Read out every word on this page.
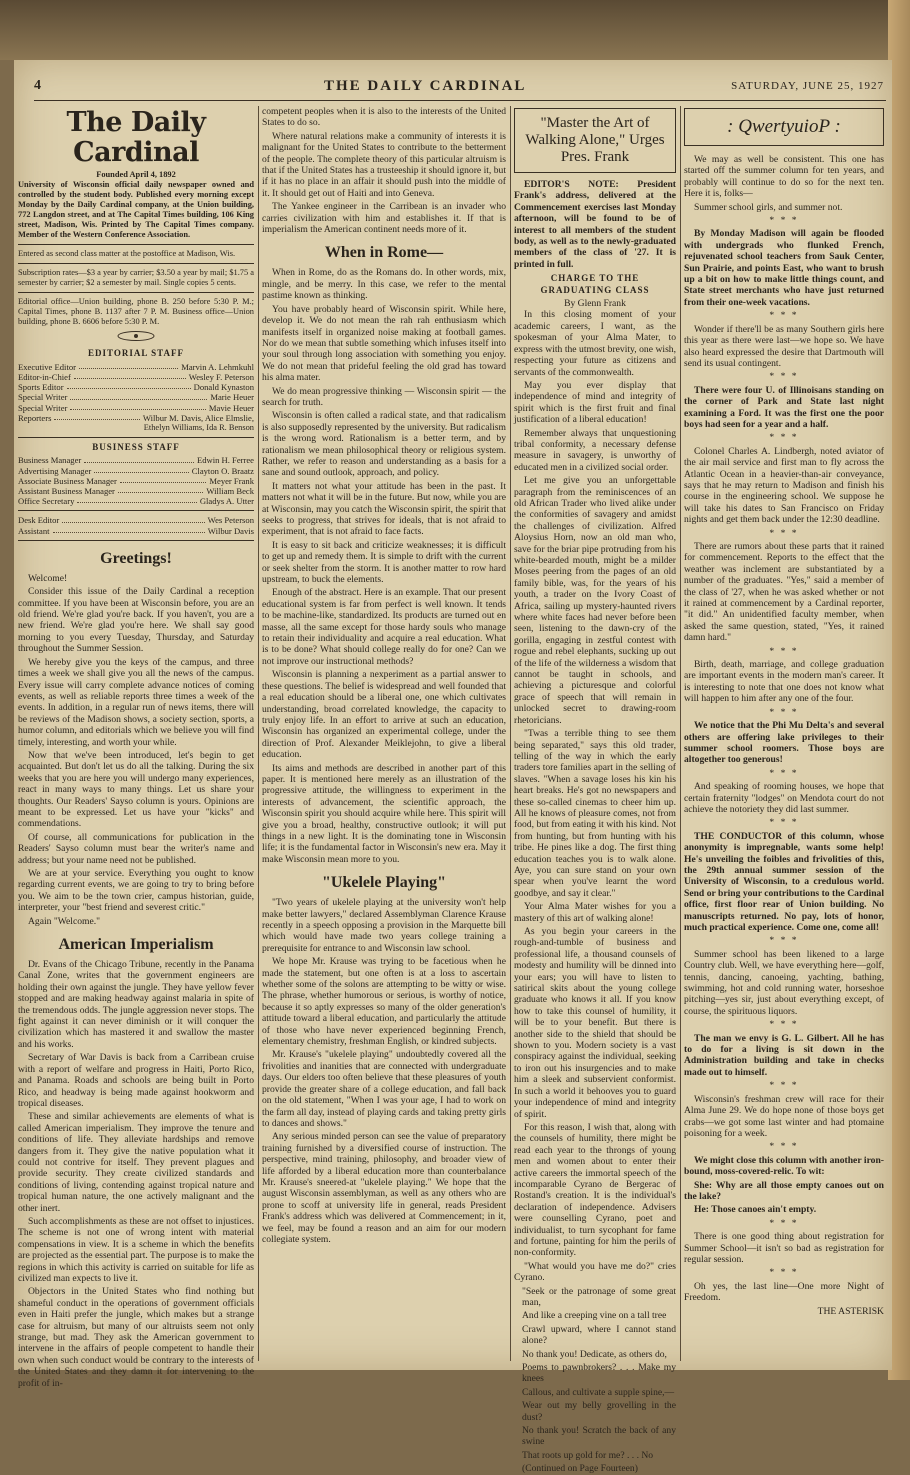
4	THE DAILY CARDINAL	SATURDAY, JUNE 25, 1927
The Daily Cardinal
Founded April 4, 1892
University of Wisconsin official daily newspaper owned and controlled by the student body. Published every morning except Monday by the Daily Cardinal company, at the Union building, 772 Langdon street, and at The Capital Times building, 106 King street, Madison, Wis. Printed by The Capital Times company. Member of the Western Conference Association.
Entered as second class matter at the postoffice at Madison, Wis.
Subscription rates—$3 a year by carrier; $3.50 a year by mail; $1.75 a semester by carrier; $2 a semester by mail. Single copies 5 cents.
Editorial office—Union building, phone B. 250 before 5:30 P. M.; Capital Times, phone B. 1137 after 7 P. M. Business office—Union building, phone B. 6606 before 5:30 P. M.
EDITORIAL STAFF
Executive Editor	Marvin A. Lehmkuhl
Editor-in-Chief	Wesley F. Peterson
Sports Editor	Donald Kynaston
Special Writer	Marie Heuer
Special Writer	Mavie Heuer
Reporters	Wilbur M. Davis, Alice Elmslie,
Ethelyn Williams, Ida R. Benson
BUSINESS STAFF
Business Manager	Edwin H. Ferree
Advertising Manager	Clayton O. Braatz
Associate Business Manager	Meyer Frank
Assistant Business Manager	William Beck
Office Secretary	Gladys A. Utter
Desk Editor	Wes Peterson
Assistant	Wilbur Davis
Greetings!

Welcome!

Consider this issue of the Daily Cardinal a reception committee. If you have been at Wisconsin before, you are an old friend. We're glad you're back. If you haven't, you are a new friend. We're glad you're here. We shall say good morning to you every Tuesday, Thursday, and Saturday throughout the Summer Session.

We hereby give you the keys of the campus, and three times a week we shall give you all the news of the campus. Every issue will carry complete advance notices of coming events, as well as reliable reports three times a week of the events. In addition, in a regular run of news items, there will be reviews of the Madison shows, a society section, sports, a humor column, and editorials which we believe you will find timely, interesting, and worth your while.

Now that we've been introduced, let's begin to get acquainted. But don't let us do all the talking. During the six weeks that you are here you will undergo many experiences, react in many ways to many things. Let us share your thoughts. Our Readers' Sayso column is yours. Opinions are meant to be expressed. Let us have your "kicks" and commendations.

Of course, all communications for publication in the Readers' Sayso column must bear the writer's name and address; but your name need not be published.

We are at your service. Everything you ought to know regarding current events, we are going to try to bring before you. We aim to be the town crier, campus historian, guide, interpreter, your "best friend and severest critic."

Again "Welcome."

American Imperialism

Dr. Evans of the Chicago Tribune, recently in the Panama Canal Zone, writes that the government engineers are holding their own against the jungle. They have yellow fever stopped and are making headway against malaria in spite of the tremendous odds. The jungle aggression never stops. The fight against it can never diminish or it will conquer the civilization which has mastered it and swallow the master and his works.

Secretary of War Davis is back from a Carribean cruise with a report of welfare and progress in Haiti, Porto Rico, and Panama. Roads and schools are being built in Porto Rico, and headway is being made against hookworm and tropical diseases.

These and similar achievements are elements of what is called American imperialism. They improve the tenure and conditions of life. They alleviate hardships and remove dangers from it. They give the native population what it could not contrive for itself. They prevent plagues and provide security. They create civilized standards and conditions of living, contending against tropical nature and tropical human nature, the one actively malignant and the other inert.

Such accomplishments as these are not offset to injustices. The scheme is not one of wrong intent with material compensations in view. It is a scheme in which the benefits are projected as the essential part. The purpose is to make the regions in which this activity is carried on suitable for life as civilized man expects to live it.

Objectors in the United States who find nothing but shameful conduct in the operations of government officials even in Haiti prefer the jungle, which makes but a strange case for altruism, but many of our altruists seem not only strange, but mad. They ask the American government to intervene in the affairs of people competent to handle their own when such conduct would be contrary to the interests of the United States and they damn it for intervening to the profit of in-

competent peoples when it is also to the interests of the United States to do so.

Where natural relations make a community of interests it is malignant for the United States to contribute to the betterment of the people. The complete theory of this particular altruism is that if the United States has a trusteeship it should ignore it, but if it has no place in an affair it should push into the middle of it. It should get out of Haiti and into Geneva.

The Yankee engineer in the Carribean is an invader who carries civilization with him and establishes it. If that is imperialism the American continent needs more of it.

When in Rome—

When in Rome, do as the Romans do. In other words, mix, mingle, and be merry. In this case, we refer to the mental pastime known as thinking.

You have probably heard of Wisconsin spirit. While here, develop it. We do not mean the rah rah enthusiasm which manifests itself in organized noise making at football games. Nor do we mean that subtle something which infuses itself into your soul through long association with something you enjoy. We do not mean that prideful feeling the old grad has toward his alma mater.

We do mean progressive thinking — Wisconsin spirit — the search for truth.

Wisconsin is often called a radical state, and that radicalism is also supposedly represented by the university. But radicalism is the wrong word. Rationalism is a better term, and by rationalism we mean philosophical theory or religious system. Rather, we refer to reason and understanding as a basis for a sane and sound outlook, approach, and policy.

It matters not what your attitude has been in the past. It matters not what it will be in the future. But now, while you are at Wisconsin, may you catch the Wisconsin spirit, the spirit that seeks to progress, that strives for ideals, that is not afraid to experiment, that is not afraid to face facts.

It is easy to sit back and criticize weaknesses; it is difficult to get up and remedy them. It is simple to drift with the current or seek shelter from the storm. It is another matter to row hard upstream, to buck the elements.

Enough of the abstract. Here is an example. That our present educational system is far from perfect is well known. It tends to be machine-like, standardized. Its products are turned out en masse, all the same except for those hardy souls who manage to retain their individuality and acquire a real education. What is to be done? What should college really do for one? Can we not improve our instructional methods?

Wisconsin is planning a nexperiment as a partial answer to these questions. The belief is widespread and well founded that a real education should be a liberal one, one which cultivates understanding, broad correlated knowledge, the capacity to truly enjoy life. In an effort to arrive at such an education, Wisconsin has organized an experimental college, under the direction of Prof. Alexander Meiklejohn, to give a liberal education.

Its aims and methods are described in another part of this paper. It is mentioned here merely as an illustration of the progressive attitude, the willingness to experiment in the interests of advancement, the scientific approach, the Wisconsin spirit you should acquire while here. This spirit will give you a broad, healthy, constructive outlook; it will put things in a new light. It is the dominating tone in Wisconsin life; it is the fundamental factor in Wisconsin's new era. May it make Wisconsin mean more to you.

"Ukelele Playing"

"Two years of ukelele playing at the university won't help make better lawyers," declared Assemblyman Clarence Krause recently in a speech opposing a provision in the Marquette bill which would have made two years college training a prerequisite for entrance to and Wisconsin law school.

We hope Mr. Krause was trying to be facetious when he made the statement, but one often is at a loss to ascertain whether some of the solons are attempting to be witty or wise. The phrase, whether humorous or serious, is worthy of notice, because it so aptly expresses so many of the older generation's attitude toward a liberal education, and particularly the attitude of those who have never experienced beginning French, elementary chemistry, freshman English, or kindred subjects.

Mr. Krause's "ukelele playing" undoubtedly covered all the frivolities and inanities that are connected with undergraduate days. Our elders too often believe that these pleasures of youth provide the greater share of a college education, and fall back on the old statement, "When I was your age, I had to work on the farm all day, instead of playing cards and taking pretty girls to dances and shows."

Any serious minded person can see the value of preparatory training furnished by a diversified course of instruction. The perspective, mind training, philosophy, and broader view of life afforded by a liberal education more than counterbalance Mr. Krause's sneered-at "ukelele playing." We hope that the august Wisconsin assemblyman, as well as any others who are prone to scoff at university life in general, reads President Frank's address which was delivered at Commencement; in it, we feel, may be found a reason and an aim for our modern collegiate system.

"Master the Art of Walking Alone," Urges Pres. Frank

EDITOR'S NOTE: President Frank's address, delivered at the Commencement exercises last Monday afternoon, will be found to be of interest to all members of the student body, as well as to the newly-graduated members of the class of '27. It is printed in full.

CHARGE TO THE GRADUATING CLASS
By Glenn Frank

In this closing moment of your academic careers, I want, as the spokesman of your Alma Mater, to express with the utmost brevity, one wish, respecting your future as citizens and servants of the commonwealth.

May you ever display that independence of mind and integrity of spirit which is the first fruit and final justification of a liberal education!

Remember always that unquestioning tribal conformity, a necessary defense measure in savagery, is unworthy of educated men in a civilized social order.

Let me give you an unforgettable paragraph from the reminiscences of an old African Trader who lived alike under the conformities of savagery and amidst the challenges of civilization. Alfred Aloysius Horn, now an old man who, save for the briar pipe protruding from his white-bearded mouth, might be a milder Moses peering from the pages of an old family bible, was, for the years of his youth, a trader on the Ivory Coast of Africa, sailing up mystery-haunted rivers where white faces had never before been seen, listening to the dawn-cry of the gorilla, engaging in zestful contest with rogue and rebel elephants, sucking up out of the life of the wilderness a wisdom that cannot be taught in schools, and achieving a picturesque and colorful grace of speech that will remain in unlocked secret to drawing-room rhetoricians.

"Twas a terrible thing to see them being separated," says this old trader, telling of the way in which the early traders tore families apart in the selling of slaves. "When a savage loses his kin his heart breaks. He's got no newspapers and these so-called cinemas to cheer him up. All he knows of pleasure comes, not from food, but from eating it with his kind. Not from hunting, but from hunting with his tribe. He pines like a dog. The first thing education teaches you is to walk alone. Aye, you can sure stand on your own spear when you've learnt the word goodbye, and say it clear."

Your Alma Mater wishes for you a mastery of this art of walking alone!

As you begin your careers in the rough-and-tumble of business and professional life, a thousand counsels of modesty and humility will be dinned into your ears; you will have to listen to satirical skits about the young college graduate who knows it all. If you know how to take this counsel of humility, it will be to your benefit. But there is another side to the shield that should be shown to you. Modern society is a vast conspiracy against the individual, seeking to iron out his insurgencies and to make him a sleek and subservient conformist. In such a world it behooves you to guard your independence of mind and integrity of spirit.

For this reason, I wish that, along with the counsels of humility, there might be read each year to the throngs of young men and women about to enter their active careers the immortal speech of the incomparable Cyrano de Bergerac of Rostand's creation. It is the individual's declaration of independence. Advisers were counselling Cyrano, poet and individualist, to turn sycophant for fame and fortune, painting for him the perils of non-conformity.

"What would you have me do?" cries Cyrano.

"Seek or the patronage of some great man,

And like a creeping vine on a tall tree

Crawl upward, where I cannot stand alone?

No thank you! Dedicate, as others do,

Poems to pawnbrokers? . . . Make my knees

Callous, and cultivate a supple spine,—

Wear out my belly grovelling in the dust?

No thank you! Scratch the back of any swine

That roots up gold for me? . . . No

(Continued on Page Fourteen)

: QwertyuioP :

We may as well be consistent. This one has started off the summer column for ten years, and probably will continue to do so for the next ten. Here it is, folks—

Summer school girls, and summer not.

* * *

By Monday Madison will again be flooded with undergrads who flunked French, rejuvenated school teachers from Sauk Center, Sun Prairie, and points East, who want to brush up a bit on how to make little things count, and State street merchants who have just returned from their one-week vacations.

* * *

Wonder if there'll be as many Southern girls here this year as there were last—we hope so. We have also heard expressed the desire that Dartmouth will send its usual contingent.

* * *

There were four U. of Illinoisans standing on the corner of Park and State last night examining a Ford. It was the first one the poor boys had seen for a year and a half.

* * *

Colonel Charles A. Lindbergh, noted aviator of the air mail service and first man to fly across the Atlantic Ocean in a heavier-than-air conveyance, says that he may return to Madison and finish his course in the engineering school. We suppose he will take his dates to San Francisco on Friday nights and get them back under the 12:30 deadline.

* * *

There are rumors about these parts that it rained for commencement. Reports to the effect that the weather was inclement are substantiated by a number of the graduates. "Yes," said a member of the class of '27, when he was asked whether or not it rained at commencement by a Cardinal reporter, "it did." An unidentified faculty member, when asked the same question, stated, "Yes, it rained damn hard."

* * *

Birth, death, marriage, and college graduation are important events in the modern man's career. It is interesting to note that one does not know what will happen to him after any one of the four.

* * *

We notice that the Phi Mu Delta's and several others are offering lake privileges to their summer school roomers. Those boys are altogether too generous!

* * *

And speaking of rooming houses, we hope that certain fraternity "lodges" on Mendota court do not achieve the notoriety they did last summer.

* * *

THE CONDUCTOR of this column, whose anonymity is impregnable, wants some help! He's unveiling the foibles and frivolities of this, the 29th annual summer session of the University of Wisconsin, to a credulous world. Send or bring your contributions to the Cardinal office, first floor rear of Union building. No manuscripts returned. No pay, lots of honor, much practical experience. Come one, come all!

* * *

Summer school has been likened to a large Country club. Well, we have everything here—golf, tennis, dancing, canoeing, yachting, bathing, swimming, hot and cold running water, horseshoe pitching—yes sir, just about everything except, of course, the spirituous liquors.

* * *

The man we envy is G. L. Gilbert. All he has to do for a living is sit down in the Administration building and take in checks made out to himself.

* * *

Wisconsin's freshman crew will race for their Alma June 29. We do hope none of those boys get crabs—we got some last winter and had ptomaine poisoning for a week.

* * *

We might close this column with another iron-bound, moss-covered-relic. To wit:

She: Why are all those empty canoes out on the lake?

He: Those canoes ain't empty.

* * *

There is one good thing about registration for Summer School—it isn't so bad as registration for regular session.

* * *

Oh yes, the last line—One more Night of Freedom.

THE ASTERISK
